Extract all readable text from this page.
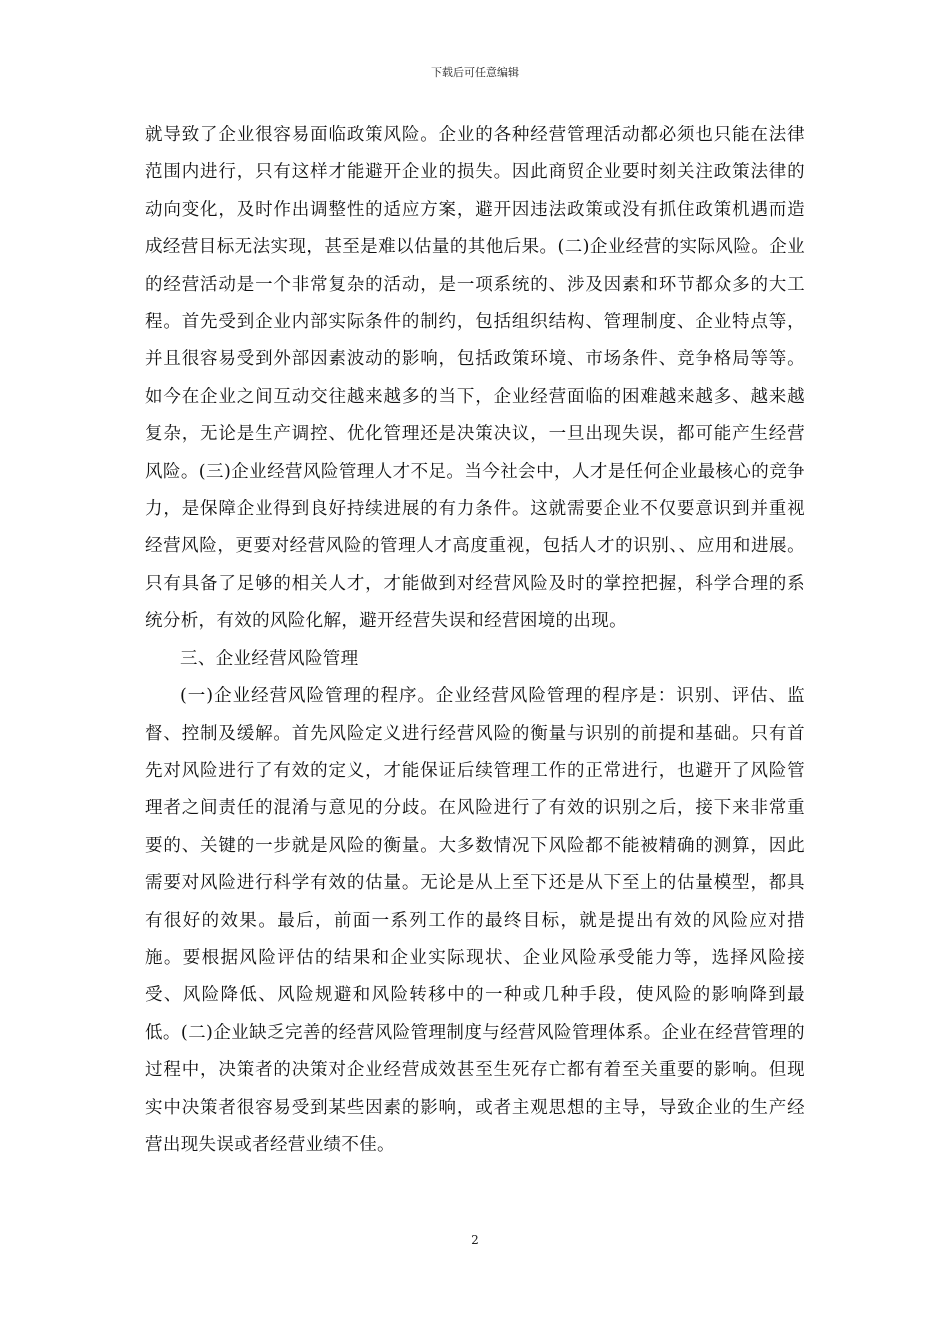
下载后可任意编辑

就导致了企业很容易面临政策风险。企业的各种经营管理活动都必须也只能在法律范围内进行，只有这样才能避开企业的损失。因此商贸企业要时刻关注政策法律的动向变化，及时作出调整性的适应方案，避开因违法政策或没有抓住政策机遇而造成经营目标无法实现，甚至是难以估量的其他后果。(二)企业经营的实际风险。企业的经营活动是一个非常复杂的活动，是一项系统的、涉及因素和环节都众多的大工程。首先受到企业内部实际条件的制约，包括组织结构、管理制度、企业特点等，并且很容易受到外部因素波动的影响，包括政策环境、市场条件、竞争格局等等。如今在企业之间互动交往越来越多的当下，企业经营面临的困难越来越多、越来越复杂，无论是生产调控、优化管理还是决策决议，一旦出现失误，都可能产生经营风险。(三)企业经营风险管理人才不足。当今社会中，人才是任何企业最核心的竞争力，是保障企业得到良好持续进展的有力条件。这就需要企业不仅要意识到并重视经营风险，更要对经营风险的管理人才高度重视，包括人才的识别、、应用和进展。只有具备了足够的相关人才，才能做到对经营风险及时的掌控把握，科学合理的系统分析，有效的风险化解，避开经营失误和经营困境的出现。

三、企业经营风险管理

(一)企业经营风险管理的程序。企业经营风险管理的程序是：识别、评估、监督、控制及缓解。首先风险定义进行经营风险的衡量与识别的前提和基础。只有首先对风险进行了有效的定义，才能保证后续管理工作的正常进行，也避开了风险管理者之间责任的混淆与意见的分歧。在风险进行了有效的识别之后，接下来非常重要的、关键的一步就是风险的衡量。大多数情况下风险都不能被精确的测算，因此需要对风险进行科学有效的估量。无论是从上至下还是从下至上的估量模型，都具有很好的效果。最后，前面一系列工作的最终目标，就是提出有效的风险应对措施。要根据风险评估的结果和企业实际现状、企业风险承受能力等，选择风险接受、风险降低、风险规避和风险转移中的一种或几种手段，使风险的影响降到最低。(二)企业缺乏完善的经营风险管理制度与经营风险管理体系。企业在经营管理的过程中，决策者的决策对企业经营成效甚至生死存亡都有着至关重要的影响。但现实中决策者很容易受到某些因素的影响，或者主观思想的主导，导致企业的生产经营出现失误或者经营业绩不佳。

2
